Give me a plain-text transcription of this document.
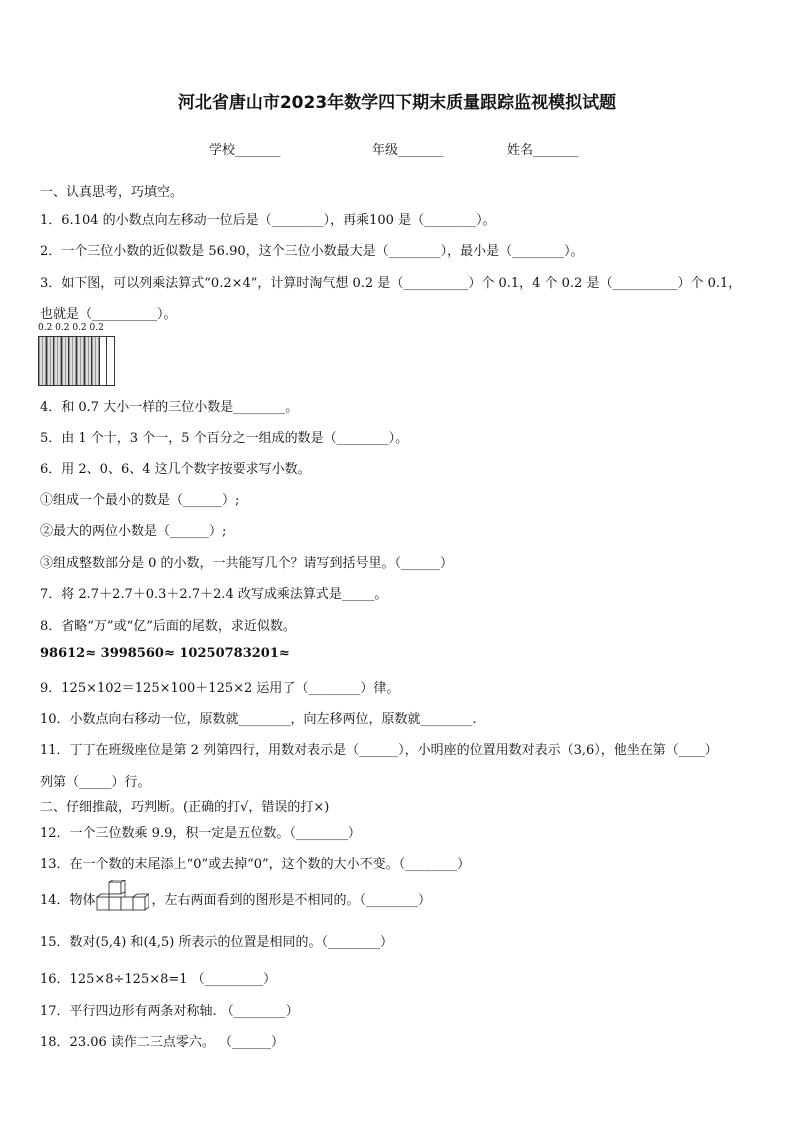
河北省唐山市2023年数学四下期末质量跟踪监视模拟试题
学校_______	年级_______	姓名_______
一、认真思考，巧填空。
1．6.104 的小数点向左移动一位后是（________），再乘100 是（________）。
2．一个三位小数的近似数是 56.90，这个三位小数最大是（________），最小是（________）。
3．如下图，可以列乘法算式“0.2×4”，计算时淘气想 0.2 是（__________）个 0.1，4 个 0.2 是（__________）个 0.1，
也就是（__________）。
0.2 0.2 0.2 0.2
4．和 0.7 大小一样的三位小数是________。
5．由 1 个十，3 个一，5 个百分之一组成的数是（________）。
6．用 2、0、6、4 这几个数字按要求写小数。
①组成一个最小的数是（______）;
②最大的两位小数是（______）;
③组成整数部分是 0 的小数，一共能写几个？请写到括号里。（______）
7．将 2.7＋2.7＋0.3＋2.7＋2.4 改写成乘法算式是_____。
8．省略“万”或“亿”后面的尾数，求近似数。
98612≈ 3998560≈ 10250783201≈
9．125×102＝125×100＋125×2 运用了（________）律。
10．小数点向右移动一位，原数就________，向左移两位，原数就________.
11．丁丁在班级座位是第 2 列第四行，用数对表示是（______），小明座的位置用数对表示（3,6），他坐在第（____）
列第（_____）行。
二、仔细推敲，巧判断。(正确的打√，错误的打×)
12．一个三位数乘 9.9，积一定是五位数。（________）
13．在一个数的末尾添上“0”或去掉“0”，这个数的大小不变。（________）
14．物体	，左右两面看到的图形是不相同的。（________）
15．数对(5,4) 和(4,5) 所表示的位置是相同的。（________）
16．125×8÷125×8=1 （_________）
17．平行四边形有两条对称轴. （________）
18．23.06 读作二三点零六。 （______）
